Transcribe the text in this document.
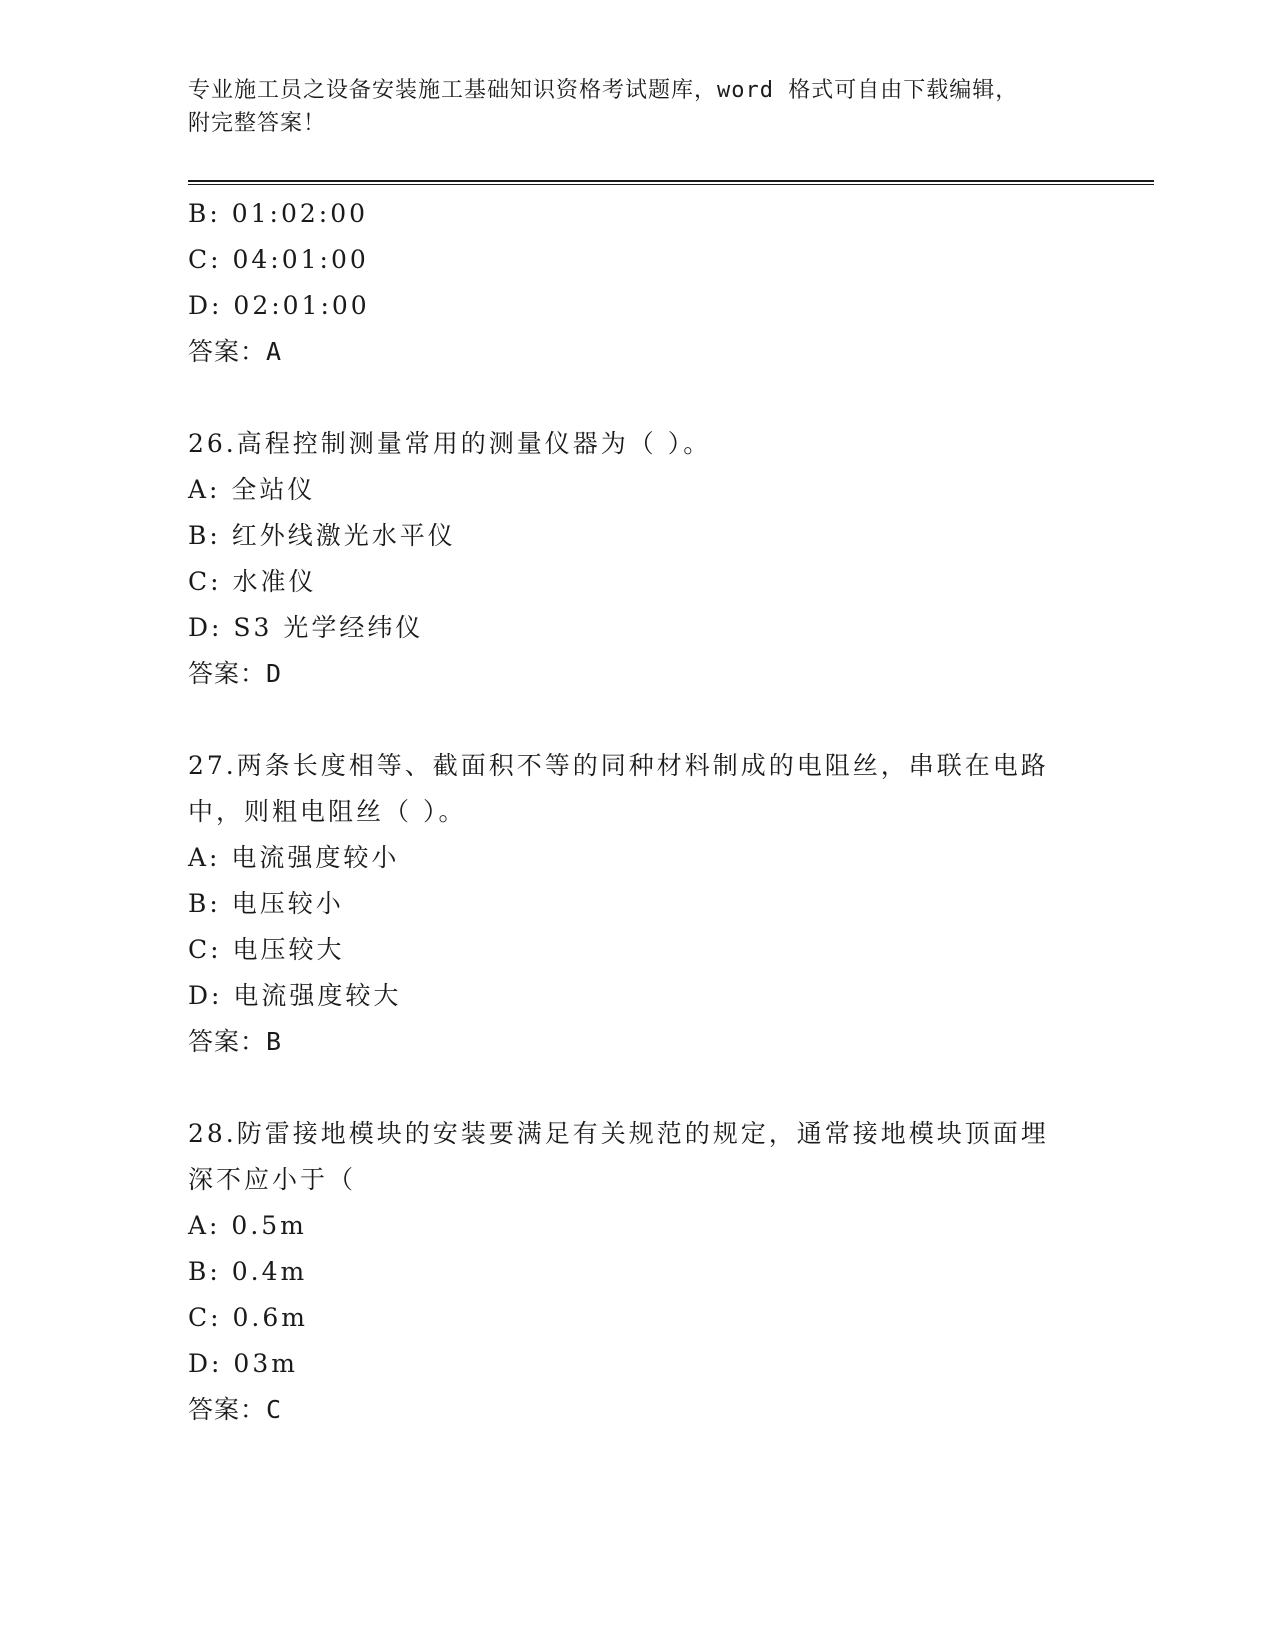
专业施工员之设备安装施工基础知识资格考试题库，word 格式可自由下载编辑，
附完整答案！
B: 01:02:00
C: 04:01:00
D: 02:01:00
答案：A
26.高程控制测量常用的测量仪器为（ ）。
A: 全站仪
B: 红外线激光水平仪
C: 水准仪
D: S3 光学经纬仪
答案：D
27.两条长度相等、截面积不等的同种材料制成的电阻丝，串联在电路
中，则粗电阻丝（ ）。
A: 电流强度较小
B: 电压较小
C: 电压较大
D: 电流强度较大
答案：B
28.防雷接地模块的安装要满足有关规范的规定，通常接地模块顶面埋
深不应小于（
A: 0.5m
B: 0.4m
C: 0.6m
D: 03m
答案：C
